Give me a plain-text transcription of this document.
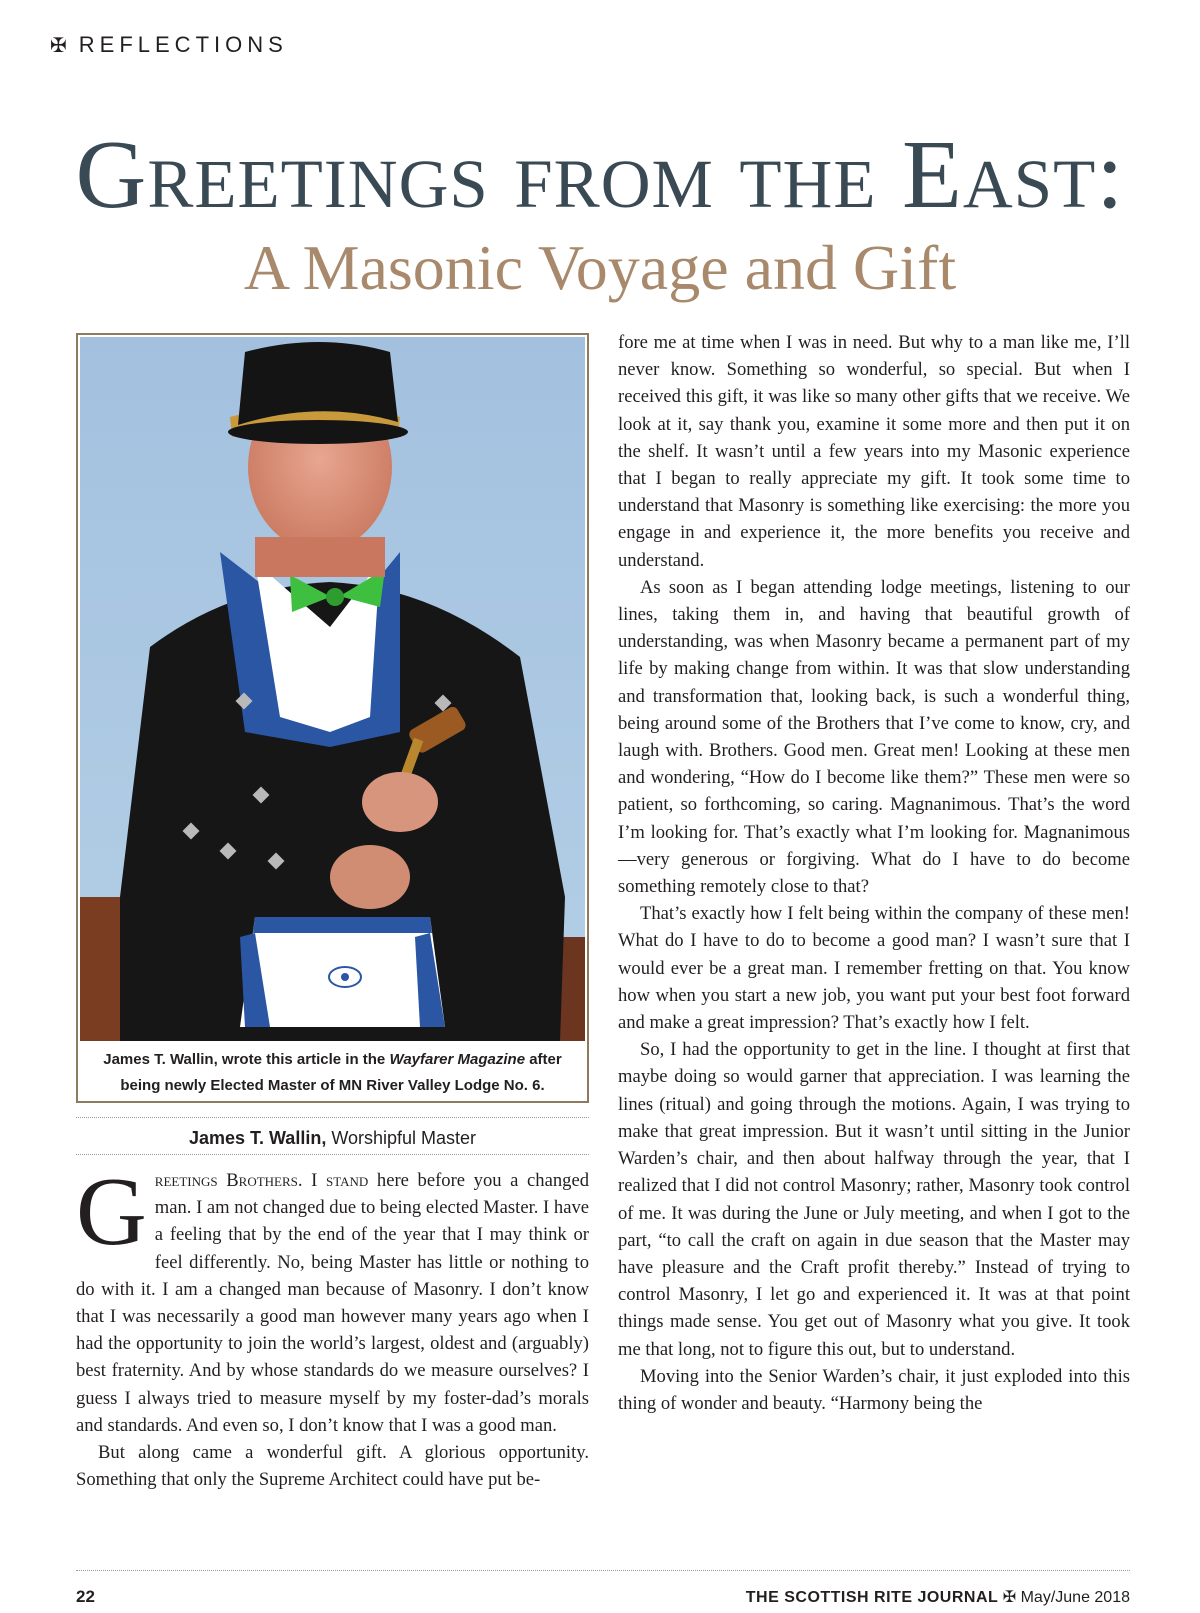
✠ REFLECTIONS
Greetings from the East:
A Masonic Voyage and Gift
James T. Wallin, wrote this article in the Wayfarer Magazine after being newly Elected Master of MN River Valley Lodge No. 6.
James T. Wallin, Worshipful Master

Greetings Brothers. I stand here before you a changed man. I am not changed due to being elected Master. I have a feeling that by the end of the year that I may think or feel differently. No, being Master has little or nothing to do with it. I am a changed man because of Masonry. I don’t know that I was necessarily a good man however many years ago when I had the opportunity to join the world’s largest, oldest and (arguably) best fraternity. And by whose standards do we measure ourselves? I guess I always tried to measure myself by my foster-dad’s morals and standards. And even so, I don’t know that I was a good man.

But along came a wonderful gift. A glorious opportunity. Something that only the Supreme Architect could have put be-

fore me at time when I was in need. But why to a man like me, I’ll never know. Something so wonderful, so special. But when I received this gift, it was like so many other gifts that we receive. We look at it, say thank you, examine it some more and then put it on the shelf. It wasn’t until a few years into my Masonic experience that I began to really appreciate my gift. It took some time to understand that Masonry is something like exercising: the more you engage in and experience it, the more benefits you receive and understand.

As soon as I began attending lodge meetings, listening to our lines, taking them in, and having that beautiful growth of understanding, was when Masonry became a permanent part of my life by making change from within. It was that slow understanding and transformation that, looking back, is such a wonderful thing, being around some of the Brothers that I’ve come to know, cry, and laugh with. Brothers. Good men. Great men! Looking at these men and wondering, “How do I become like them?” These men were so patient, so forthcoming, so caring. Magnanimous. That’s the word I’m looking for. That’s exactly what I’m looking for. Magnanimous—very generous or forgiving. What do I have to do become something remotely close to that?

That’s exactly how I felt being within the company of these men! What do I have to do to become a good man? I wasn’t sure that I would ever be a great man. I remember fretting on that. You know how when you start a new job, you want put your best foot forward and make a great impression? That’s exactly how I felt.

So, I had the opportunity to get in the line. I thought at first that maybe doing so would garner that appreciation. I was learning the lines (ritual) and going through the motions. Again, I was trying to make that great impression. But it wasn’t until sitting in the Junior Warden’s chair, and then about halfway through the year, that I realized that I did not control Masonry; rather, Masonry took control of me. It was during the June or July meeting, and when I got to the part, “to call the craft on again in due season that the Master may have pleasure and the Craft profit thereby.” Instead of trying to control Masonry, I let go and experienced it. It was at that point things made sense. You get out of Masonry what you give. It took me that long, not to figure this out, but to understand.

Moving into the Senior Warden’s chair, it just exploded into this thing of wonder and beauty. “Harmony being the

22	THE SCOTTISH RITE JOURNAL ✠ May/June 2018
